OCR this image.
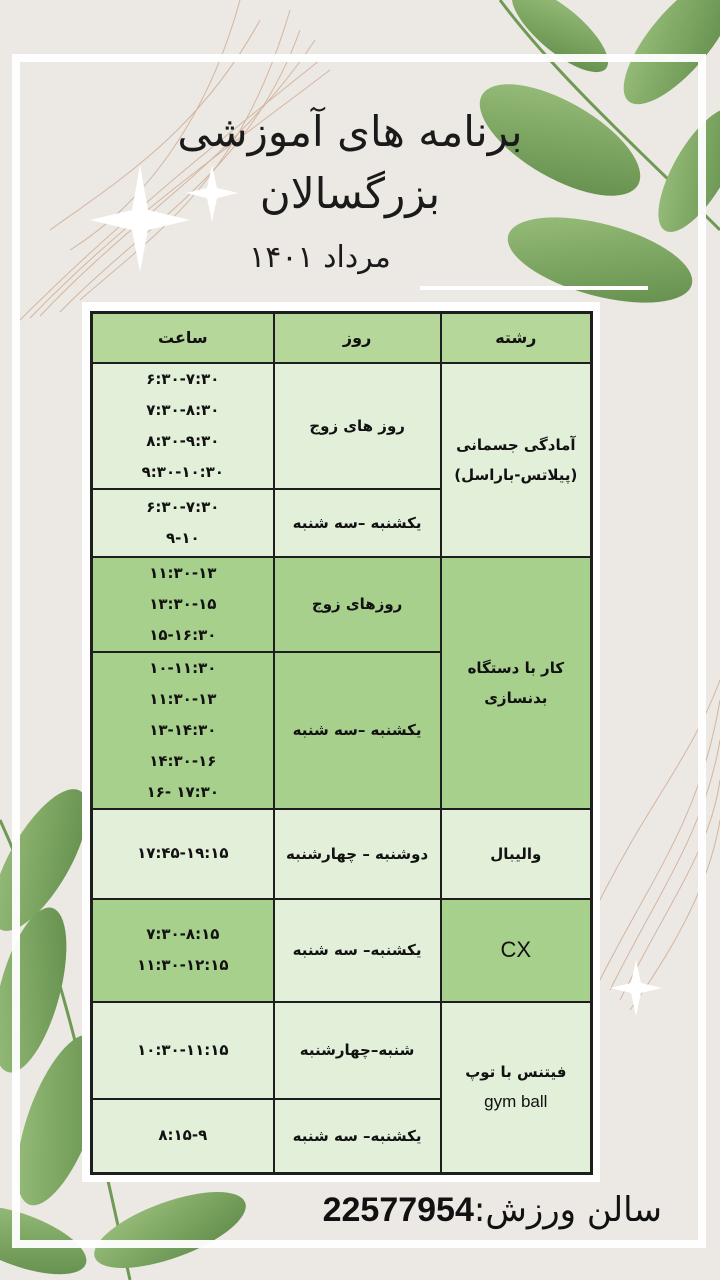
برنامه های آموزشی
بزرگسالان
مرداد ۱۴۰۱
رشته	روز	ساعت

آمادگی جسمانی
(پیلاتس-باراسل)	روز های زوج	۶:۳۰-۷:۳۰
۷:۳۰-۸:۳۰
۸:۳۰-۹:۳۰
۹:۳۰-۱۰:۳۰

	یکشنبه –سه شنبه	۶:۳۰-۷:۳۰
۹-۱۰

کار با دستگاه
بدنسازی	روزهای زوج	۱۱:۳۰-۱۳
۱۳:۳۰-۱۵
۱۵-۱۶:۳۰

	یکشنبه –سه شنبه	۱۰-۱۱:۳۰
۱۱:۳۰-۱۳
۱۳-۱۴:۳۰
۱۴:۳۰-۱۶
۱۶- ۱۷:۳۰

والیبال	دوشنبه – چهارشنبه	۱۷:۴۵-۱۹:۱۵

CX	یکشنبه– سه شنبه	۷:۳۰-۸:۱۵
۱۱:۳۰-۱۲:۱۵

فیتنس با توپ
gym ball	شنبه–چهارشنبه	۱۰:۳۰-۱۱:۱۵

	یکشنبه– سه شنبه	۸:۱۵-۹
سالن ورزش:22577954
